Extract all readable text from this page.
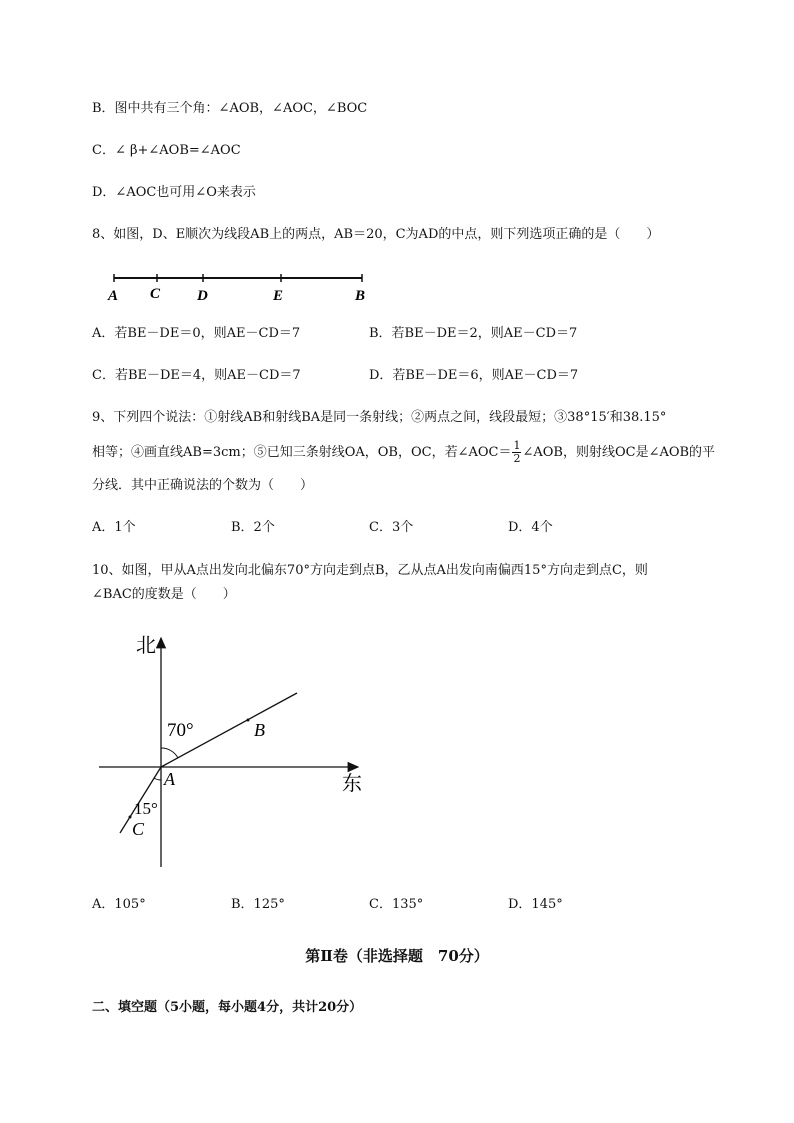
B．图中共有三个角：∠AOB，∠AOC，∠BOC
C．∠ β+∠AOB=∠AOC
D．∠AOC也可用∠O来表示
8、如图，D、E顺次为线段AB上的两点，AB＝20，C为AD的中点，则下列选项正确的是（　　）
A C D	E	B
A．若BE－DE＝0，则AE－CD＝7	B．若BE－DE＝2，则AE－CD＝7
C．若BE－DE＝4，则AE－CD＝7	D．若BE－DE＝6，则AE－CD＝7
9、下列四个说法：①射线AB和射线BA是同一条射线；②两点之间，线段最短；③38°15′和38.15°
相等；④画直线AB=3cm；⑤已知三条射线OA，OB，OC，若∠AOC＝ $\frac{1}{2}$ ∠AOB，则射线OC是∠AOB的平
分线．其中正确说法的个数为（　　）
A．1个	B．2个	C．3个	D．4个
10、如图，甲从A点出发向北偏东70°方向走到点B，乙从点A出发向南偏西15°方向走到点C，则
∠BAC的度数是（　　）
北
东
70°
15°
A
B
C
A．105°	B．125°	C．135°	D．145°
第Ⅱ卷（非选择题　70分）
二、填空题（5小题，每小题4分，共计20分）
